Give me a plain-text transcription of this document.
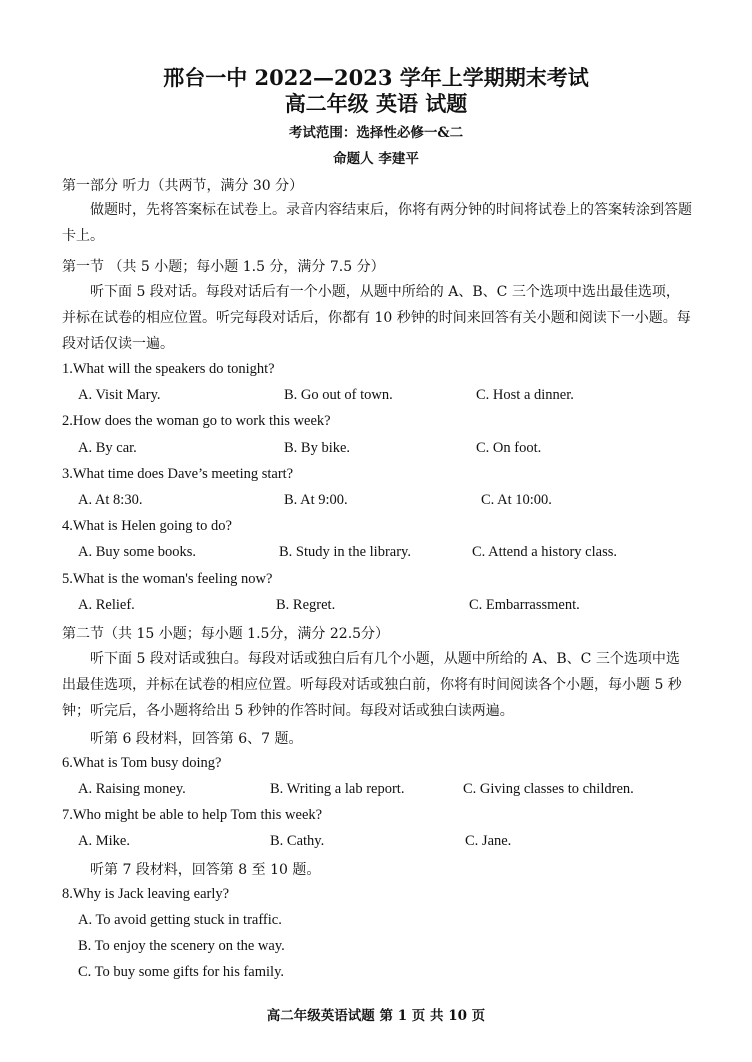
邢台一中 2022—2023 学年上学期期末考试
高二年级 英语 试题
考试范围：选择性必修一&二
命题人 李建平
第一部分 听力（共两节，满分 30 分）
做题时，先将答案标在试卷上。录音内容结束后，你将有两分钟的时间将试卷上的答案转涂到答题卡上。
第一节 （共 5 小题；每小题 1.5 分，满分 7.5 分）
听下面 5 段对话。每段对话后有一个小题，从题中所给的 A、B、C 三个选项中选出最佳选项，并标在试卷的相应位置。听完每段对话后，你都有 10 秒钟的时间来回答有关小题和阅读下一小题。每段对话仅读一遍。
1.What will the speakers do tonight?
A. Visit Mary.	B. Go out of town.	C. Host a dinner.
2.How does the woman go to work this week?
A. By car.	B. By bike.	C. On foot.
3.What time does Dave’s meeting start?
A. At 8:30.	B. At 9:00.	C. At 10:00.
4.What is Helen going to do?
A. Buy some books.	B. Study in the library.	C. Attend a history class.
5.What is the woman's feeling now?
A. Relief.	B. Regret.	C. Embarrassment.
第二节（共 15 小题；每小题 1.5分，满分 22.5分）
听下面 5 段对话或独白。每段对话或独白后有几个小题，从题中所给的 A、B、C 三个选项中选出最佳选项，并标在试卷的相应位置。听每段对话或独白前，你将有时间阅读各个小题，每小题 5 秒钟；听完后，各小题将给出 5 秒钟的作答时间。每段对话或独白读两遍。
听第 6 段材料，回答第 6、7 题。
6.What is Tom busy doing?
A. Raising money.	B. Writing a lab report.	C. Giving classes to children.
7.Who might be able to help Tom this week?
A. Mike.	B. Cathy.	C. Jane.
听第 7 段材料，回答第 8 至 10 题。
8.Why is Jack leaving early?
A. To avoid getting stuck in traffic.
B. To enjoy the scenery on the way.
C. To buy some gifts for his family.
高二年级英语试题 第 1 页 共 10 页
